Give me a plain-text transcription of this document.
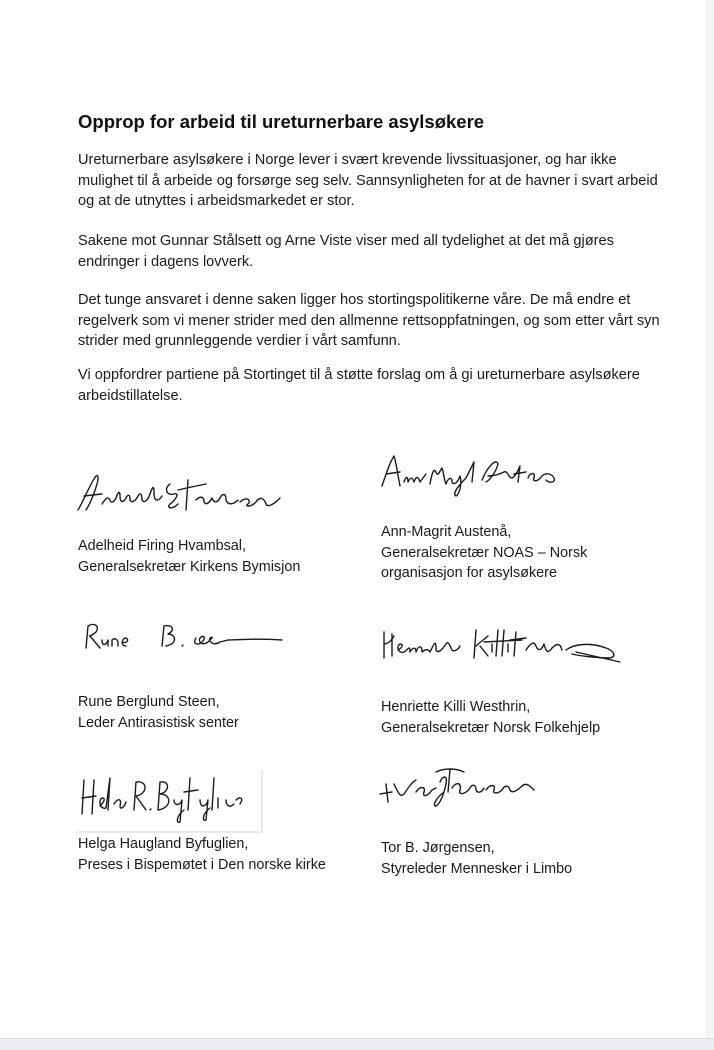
Opprop for arbeid til ureturnerbare asylsøkere

Ureturnerbare asylsøkere i Norge lever i svært krevende livssituasjoner, og har ikke mulighet til å arbeide og forsørge seg selv. Sannsynligheten for at de havner i svart arbeid og at de utnyttes i arbeidsmarkedet er stor.

Sakene mot Gunnar Stålsett og Arne Viste viser med all tydelighet at det må gjøres endringer i dagens lovverk.

Det tunge ansvaret i denne saken ligger hos stortingspolitikerne våre. De må endre et regelverk som vi mener strider med den allmenne rettsoppfatningen, og som etter vårt syn strider med grunnleggende verdier i vårt samfunn.

Vi oppfordrer partiene på Stortinget til å støtte forslag om å gi ureturnerbare asylsøkere arbeidstillatelse.

Adelheid Firing Hvambsal,
Generalsekretær Kirkens Bymisjon
Ann-Magrit Austenå,
Generalsekretær NOAS – Norsk
organisasjon for asylsøkere
Rune Berglund Steen,
Leder Antirasistisk senter
Henriette Killi Westhrin,
Generalsekretær Norsk Folkehjelp
Helga Haugland Byfuglien,
Preses i Bispemøtet i Den norske kirke
Tor B. Jørgensen,
Styreleder Mennesker i Limbo
